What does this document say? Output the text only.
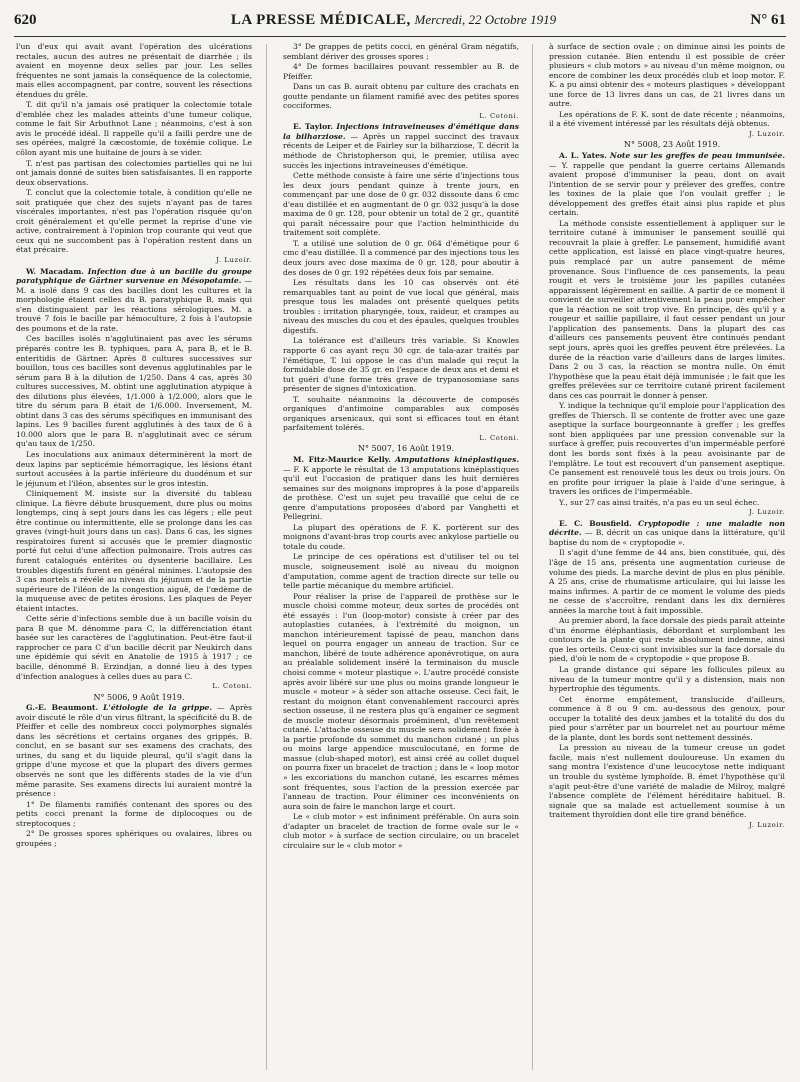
620	LA PRESSE MÉDICALE, Mercredi, 22 Octobre 1919	N° 61

l'un d'eux qui avait avant l'opération des ulcérations rectales, aucun des autres ne présentait de diarrhée ; ils avaient en moyenne deux selles par jour. Les selles fréquentes ne sont jamais la conséquence de la colectomie, mais elles accompagnent, par contre, souvent les résections étendues du grêle.

T. dit qu'il n'a jamais osé pratiquer la colectomie totale d'emblée chez les malades atteints d'une tumeur colique, comme le fait Sir Arbuthnot Lane ; néanmoins, c'est à son avis le procédé idéal. Il rappelle qu'il a failli perdre une de ses opérées, malgré la cæcostomie, de toxémie colique. Le côlon ayant mis une huitaine de jours à se vider.

T. n'est pas partisan des colectomies partielles qui ne lui ont jamais donné de suites bien satisfaisantes. Il en rapporte deux observations.

T. conclut que la colectomie totale, à condition qu'elle ne soit pratiquée que chez des sujets n'ayant pas de tares viscérales importantes, n'est pas l'opération risquée qu'on croit généralement et qu'elle permet la reprise d'une vie active, contrairement à l'opinion trop courante qui veut que ceux qui ne succombent pas à l'opération restent dans un état précaire.

J. Luzoir.

W. Macadam. Infection due à un bacille du groupe paratyphique de Gärtner survenue en Mésopotamie. — M. a isolé dans 9 cas des bacilles dont les cultures et la morphologie étaient celles du B. paratyphique B, mais qui s'en distinguaient par les réactions sérologiques. M. a trouvé 7 fois le bacille par hémoculture, 2 fois à l'autopsie des poumons et de la rate.

Ces bacilles isolés n'agglutinaient pas avec les sérums préparés contre les B. typhiques, para A, para B, et le B. enteritidis de Gärtner. Après 8 cultures successives sur bouillon, tous ces bacilles sont devenus agglutinables par le sérum para B à la dilution de 1/250. Dans 4 cas, après 30 cultures successives, M. obtint une agglutination atypique à des dilutions plus élevées, 1/1.000 à 1/2.000, alors que le titre du sérum para B était de 1/6.000. Inversement, M. obtint dans 3 cas des sérums spécifiques en immunisant des lapins. Les 9 bacilles furent agglutinés à des taux de 6 à 10.000 alors que le para B. n'agglutinait avec ce sérum qu'au taux de 1/250.

Les inoculations aux animaux déterminèrent la mort de deux lapins par septicémie hémorragique, les lésions étant surtout accusées à la partie inférieure du duodénum et sur le jéjunum et l'iléon, absentes sur le gros intestin.

Cliniquement M. insiste sur la diversité du tableau clinique. La fièvre débute brusquement, dure plus ou moins longtemps, cinq à sept jours dans les cas légers ; elle peut être continue ou intermittente, elle se prolonge dans les cas graves (vingt-huit jours dans un cas). Dans 6 cas, les signes respiratoires furent si accusés que le premier diagnostic porté fut celui d'une affection pulmonaire. Trois autres cas furent catalogués entérites ou dysenterie bacillaire. Les troubles digestifs furent en général minimes. L'autopsie des 3 cas mortels a révélé au niveau du jéjunum et de la partie supérieure de l'iléon de la congestion aiguë, de l'œdème de la muqueuse avec de petites érosions. Les plaques de Peyer étaient intactes.

Cette série d'infections semble due à un bacille voisin du para B que M. dénomme para C, la différenciation étant basée sur les caractères de l'agglutination. Peut-être faut-il rapprocher ce para C d'un bacille décrit par Neukirch dans une épidémie qui sévit en Anatolie de 1915 à 1917 ; ce bacille, dénommé B. Erzindjan, a donné lieu à des types d'infection analogues à celles dues au para C.

L. Cotoni.

N° 5006, 9 Août 1919.

G.-E. Beaumont. L'étiologie de la grippe. — Après avoir discuté le rôle d'un virus filtrant, la spécificité du B. de Pfeiffer et celle des nombreux cocci polymorphes signalés dans les sécrétions et certains organes des grippés, B. conclut, en se basant sur ses examens des crachats, des urines, du sang et du liquide pleural, qu'il s'agit dans la grippe d'une mycose et que la plupart des divers germes observés ne sont que les différents stades de la vie d'un même parasite. Ses examens directs lui auraient montré la présence :

1° De filaments ramifiés contenant des spores ou des petits cocci prenant la forme de diplocoques ou de streptocoques ;

2° De grosses spores sphériques ou ovalaires, libres ou groupées ;

3° De grappes de petits cocci, en général Gram négatifs, semblant dériver des grosses spores ;

4° De formes bacillaires pouvant ressembler au B. de Pfeiffer.

Dans un cas B. aurait obtenu par culture des crachats en goutte pendante un filament ramifié avec des petites spores cocciformes.

L. Cotoni.

E. Taylor. Injections intraveineuses d'émétique dans la bilharziose. — Après un rappel succinct des travaux récents de Leiper et de Fairley sur la bilharziose, T. décrit la méthode de Christopherson qui, le premier, utilisa avec succès les injections intraveineuses d'émétique.

Cette méthode consiste à faire une série d'injections tous les deux jours pendant quinze à trente jours, en commençant par une dose de 0 gr. 032 dissoute dans 6 cmc d'eau distillée et en augmentant de 0 gr. 032 jusqu'à la dose maxima de 0 gr. 128, pour obtenir un total de 2 gr., quantité qui paraît nécessaire pour que l'action helminthicide du traitement soit complète.

T. a utilisé une solution de 0 gr. 064 d'émétique pour 6 cmc d'eau distillée. Il a commencé par des injections tous les deux jours avec dose maxima de 0 gr. 128, pour aboutir à des doses de 0 gr. 192 répétées deux fois par semaine.

Les résultats dans les 10 cas observés ont été remarquables tant au point de vue local que général, mais presque tous les malades ont présenté quelques petits troubles : irritation pharyngée, toux, raideur, et crampes au niveau des muscles du cou et des épaules, quelques troubles digestifs.

La tolérance est d'ailleurs très variable. Si Knowles rapporte 6 cas ayant reçu 30 cgr. de tala-azar traités par l'émétique, T. lui oppose le cas d'un malade qui reçut la formidable dose de 35 gr. en l'espace de deux ans et demi et tut guéri d'une forme très grave de trypanosomiase sans présenter de signes d'intoxication.

T. souhaite néanmoins la découverte de composés organiques d'antimoine comparables aux composés organiques arsenicaux, qui sont si efficaces tout en étant parfaitement tolérés.

L. Cotoni.

N° 5007, 16 Août 1919.

M. Fitz-Maurice Kelly. Amputations kinéplastiques. — F. K apporte le résultat de 13 amputations kinéplastiques qu'il eut l'occasion de pratiquer dans les huit dernières semaines sur des moignons impropres à la pose d'appareils de prothèse. C'est un sujet peu travaillé que celui de ce genre d'amputations proposées d'abord par Vanghetti et Pellegrini.

La plupart des opérations de F. K. portèrent sur des moignons d'avant-bras trop courts avec ankylose partielle ou totale du coude.

Le principe de ces opérations est d'utiliser tel ou tel muscle, soigneusement isolé au niveau du moignon d'amputation, comme agent de traction directe sur telle ou telle partie mécanique du membre artificiel.

Pour réaliser la prise de l'appareil de prothèse sur le muscle choisi comme moteur, deux sortes de procédés ont été essayés : l'un (loop-motor) consiste à créer par des autoplasties cutanées, à l'extrémité du moignon, un manchon intérieurement tapissé de peau, manchon dans lequel on pourra engager un anneau de traction. Sur ce manchon, libéré de toute adhérence aponévrotique, on aura au préalable solidement inséré la terminaison du muscle choisi comme « moteur plastique ». L'autre procédé consiste après avoir libéré sur une plus ou moins grande longueur le muscle « moteur » à séder son attache osseuse. Ceci fait, le restant du moignon étant convenablement raccourci après section osseuse, il ne restera plus qu'à engainer ce segment de muscle moteur désormais proéminent, d'un revêtement cutané. L'attache osseuse du muscle sera solidement fixée à la partie profonde du sommet du manchon cutané ; un plus ou moins large appendice musculocutané, en forme de massue (club-shaped motor), est ainsi créé au collet duquel on pourra fixer un bracelet de traction ; dans le « loop motor » les excoriations du manchon cutané, les escarres mêmes sont fréquentes, sous l'action de la pression exercée par l'anneau de traction. Pour éliminer ces inconvénients on aura soin de faire le manchon large et court.

Le « club motor » est infiniment préférable. On aura soin d'adapter un bracelet de traction de forme ovale sur le « club motor » à surface de section circulaire, ou un bracelet circulaire sur le « club motor »

à surface de section ovale ; on diminue ainsi les points de pression cutanée. Bien entendu il est possible de créer plusieurs « club motors » au niveau d'un même moignon, ou encore de combiner les deux procédés club et loop motor. F. K. a pu ainsi obtenir des « moteurs plastiques » développant une force de 13 livres dans un cas, de 21 livres dans un autre.

Les opérations de F. K. sont de date récente ; néanmoins, il a été vivement intéressé par les résultats déjà obtenus.

J. Luzoir.

N° 5008, 23 Août 1919.

A. L. Yates. Note sur les greffes de peau immunisée. — Y. rappelle que pendant la guerre certains Allemands avaient proposé d'immuniser la peau, dont on avait l'intention de se servir pour y prélever des greffes, contre les toxines de la plaie que l'on voulait greffer ; le développement des greffes était ainsi plus rapide et plus certain.

La méthode consiste essentiellement à appliquer sur le territoire cutané à immuniser le pansement souillé qui recouvrait la plaie à greffer. Le pansement, humidifié avant cette application, est laissé en place vingt-quatre heures, puis remplacé par un autre pansement de même provenance. Sous l'influence de ces pansements, la peau rougit et vers le troisième jour les papilles cutanées apparaissent légèrement en saillie. A partir de ce moment il convient de surveiller attentivement la peau pour empêcher que la réaction ne soit trop vive. En principe, dès qu'il y a rougeur et saillie papillaire, il faut cesser pendant un jour l'application des pansements. Dans la plupart des cas d'ailleurs ces pansements peuvent être continués pendant sept jours, après quoi les greffes peuvent être prélevées. La durée de la réaction varie d'ailleurs dans de larges limites. Dans 2 ou 3 cas, la réaction se montra nulle. On émit l'hypothèse que la peau était déjà immunisée ; le fait que les greffes prélevées sur ce territoire cutané prirent facilement dans ces cas pourrait le donner à penser.

Y. indique la technique qu'il emploie pour l'application des greffes de Thiersch. Il se contente de frotter avec une gaze aseptique la surface bourgeonnante à greffer ; les greffes sont bien appliquées par une pression convenable sur la surface à greffer, puis recouvertes d'un imperméable perforé dont les bords sont fixés à la peau avoisinante par de l'emplâtre. Le tout est recouvert d'un pansement aseptique. Ce pansement est renouvelé tous les deux ou trois jours. On en profite pour irriguer la plaie à l'aide d'une seringue, à travers les orifices de l'imperméable.

Y., sur 27 cas ainsi traités, n'a pas eu un seul échec.

J. Luzoir.

E. C. Bousfield. Cryptopodie : une maladie non décrite. — B. décrit un cas unique dans la littérature, qu'il baptise du nom de « cryptopodie ».

Il s'agit d'une femme de 44 ans, bien constituée, qui, dès l'âge de 15 ans, présenta une augmentation curieuse de volume des pieds. La marche devint de plus en plus pénible. A 25 ans, crise de rhumatisme articulaire, qui lui laisse les mains infirmes. A partir de ce moment le volume des pieds ne cesse de s'accroître, rendant dans les dix dernières années la marche tout à fait impossible.

Au premier abord, la face dorsale des pieds paraît atteinte d'un énorme éléphantiasis, débordant et surplombant les contours de la plante qui reste absolument indemne, ainsi que les orteils. Ceux-ci sont invisibles sur la face dorsale du pied, d'où le nom de « cryptopodie » que propose B.

La grande distance qui sépare les follicules pileux au niveau de la tumeur montre qu'il y a distension, mais non hypertrophie des téguments.

Cet énorme empâtement, translucide d'ailleurs, commence à 8 ou 9 cm. au-dessous des genoux, pour occuper la totalité des deux jambes et la totalité du dos du pied pour s'arrêter par un bourrelet net au pourtour même de la plante, dont les bords sont nettement dessinés.

La pression au niveau de la tumeur creuse un godet facile, mais n'est nullement douloureuse. Un examen du sang montra l'existence d'une leucocytose nette indiquant un trouble du système lymphoïde. B. émet l'hypothèse qu'il s'agit peut-être d'une variété de maladie de Milroy, malgré l'absence complète de l'élément héréditaire habituel. B. signale que sa malade est actuellement soumise à un traitement thyroïdien dont elle tire grand bénéfice.

J. Luzoir.
